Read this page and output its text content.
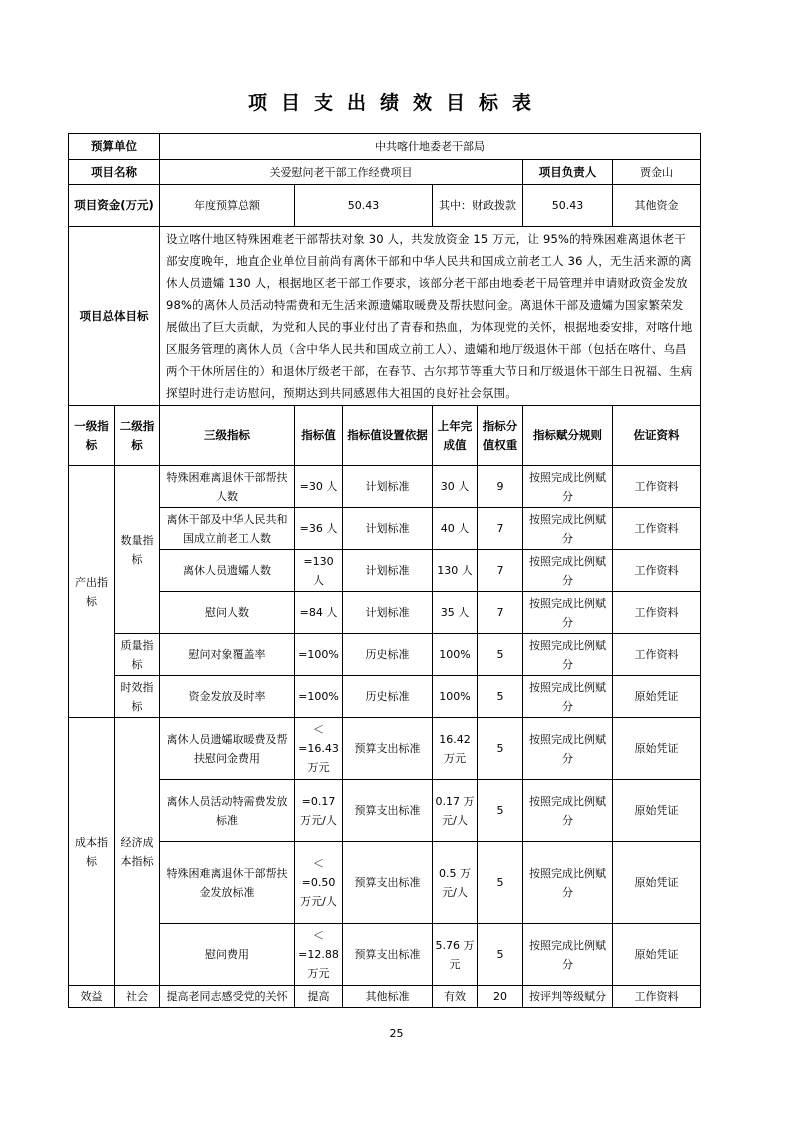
项目支出绩效目标表
预算单位		中共喀什地委老干部局							
项目名称		关爱慰问老干部工作经费项目					项目负责人	贾金山	
项目资金(万元)		年度预算总额	50.43		其中：财政拨款		50.43	其他资金	
项目总体目标		设立喀什地区特殊困难老干部帮扶对象 30 人，共发放资金 15 万元，让 95%的特殊困难离退休老干部安度晚年，地直企业单位目前尚有离休干部和中华人民共和国成立前老工人 36 人，无生活来源的离休人员遗孀 130 人，根据地区老干部工作要求，该部分老干部由地委老干局管理并申请财政资金发放 98%的离休人员活动特需费和无生活来源遗孀取暖费及帮扶慰问金。离退休干部及遗孀为国家繁荣发展做出了巨大贡献，为党和人民的事业付出了青春和热血，为体现党的关怀，根据地委安排，对喀什地区服务管理的离休人员（含中华人民共和国成立前工人）、遗孀和地厅级退休干部（包括在喀什、乌昌两个干休所居住的）和退休厅级老干部，在春节、古尔邦节等重大节日和厅级退休干部生日祝福、生病探望时进行走访慰问，预期达到共同感恩伟大祖国的良好社会氛围。							
一级指标	二级指标	三级指标	指标值	指标值设置依据	上年完成值	指标分值权重	指标赋分规则	佐证资料	
产出指标	数量指标	特殊困难离退休干部帮扶人数	=30 人	计划标准	30 人	9	按照完成比例赋分	工作资料	
		离休干部及中华人民共和国成立前老工人数	=36 人	计划标准	40 人	7	按照完成比例赋分	工作资料	
		离休人员遗孀人数	=130 人	计划标准	130 人	7	按照完成比例赋分	工作资料	
		慰问人数	=84 人	计划标准	35 人	7	按照完成比例赋分	工作资料	
	质量指标	慰问对象覆盖率	=100%	历史标准	100%	5	按照完成比例赋分	工作资料	
	时效指标	资金发放及时率	=100%	历史标准	100%	5	按照完成比例赋分	原始凭证	
成本指标	经济成本指标	离休人员遗孀取暖费及帮扶慰问金费用	＜=16.43 万元	预算支出标准	16.42 万元	5	按照完成比例赋分	原始凭证	
		离休人员活动特需费发放标准	=0.17 万元/人	预算支出标准	0.17 万元/人	5	按照完成比例赋分	原始凭证	
		特殊困难离退休干部帮扶金发放标准	＜=0.50 万元/人	预算支出标准	0.5 万元/人	5	按照完成比例赋分	原始凭证	
		慰问费用	＜=12.88 万元	预算支出标准	5.76 万元	5	按照完成比例赋分	原始凭证	
效益	社会	提高老同志感受党的关怀	提高	其他标准	有效	20	按评判等级赋分	工作资料	
25
